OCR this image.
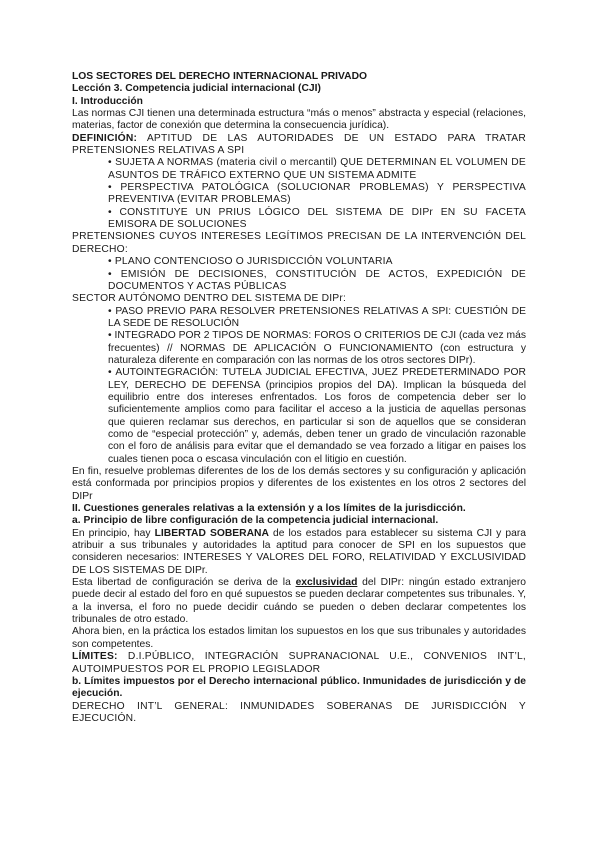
LOS SECTORES DEL DERECHO INTERNACIONAL PRIVADO

Lección 3. Competencia judicial internacional (CJI)

I. Introducción

Las normas CJI tienen una determinada estructura “más o menos” abstracta y especial (relaciones, materias, factor de conexión que determina la consecuencia jurídica).

DEFINICIÓN: APTITUD DE LAS AUTORIDADES DE UN ESTADO PARA TRATAR PRETENSIONES RELATIVAS A SPI

• SUJETA A NORMAS (materia civil o mercantil) QUE DETERMINAN EL VOLUMEN DE ASUNTOS DE TRÁFICO EXTERNO QUE UN SISTEMA ADMITE

• PERSPECTIVA PATOLÓGICA (SOLUCIONAR PROBLEMAS) Y PERSPECTIVA PREVENTIVA (EVITAR PROBLEMAS)

• CONSTITUYE UN PRIUS LÓGICO DEL SISTEMA DE DIPr EN SU FACETA EMISORA DE SOLUCIONES

PRETENSIONES CUYOS INTERESES LEGÍTIMOS PRECISAN DE LA INTERVENCIÓN DEL DERECHO:

• PLANO CONTENCIOSO O JURISDICCIÓN VOLUNTARIA

• EMISIÓN DE DECISIONES, CONSTITUCIÓN DE ACTOS, EXPEDICIÓN DE DOCUMENTOS Y ACTAS PÚBLICAS

SECTOR AUTÓNOMO DENTRO DEL SISTEMA DE DIPr:

• PASO PREVIO PARA RESOLVER PRETENSIONES RELATIVAS A SPI: CUESTIÓN DE LA SEDE DE RESOLUCIÓN

• INTEGRADO POR 2 TIPOS DE NORMAS: FOROS O CRITERIOS DE CJI (cada vez más frecuentes) // NORMAS DE APLICACIÓN O FUNCIONAMIENTO (con estructura y naturaleza diferente en comparación con las normas de los otros sectores DIPr).

• AUTOINTEGRACIÓN: TUTELA JUDICIAL EFECTIVA, JUEZ PREDETERMINADO POR LEY, DERECHO DE DEFENSA (principios propios del DA). Implican la búsqueda del equilibrio entre dos intereses enfrentados. Los foros de competencia deber ser lo suficientemente amplios como para facilitar el acceso a la justicia de aquellas personas que quieren reclamar sus derechos, en particular si son de aquellos que se consideran como de “especial protección” y, además, deben tener un grado de vinculación razonable con el foro de análisis para evitar que el demandado se vea forzado a litigar en paises los cuales tienen poca o escasa vinculación con el litigio en cuestión.

En fin, resuelve problemas diferentes de los de los demás sectores y su configuración y aplicación está conformada por principios propios y diferentes de los existentes en los otros 2 sectores del DIPr

II. Cuestiones generales relativas a la extensión y a los límites de la jurisdicción.

a. Principio de libre configuración de la competencia judicial internacional.

En principio, hay LIBERTAD SOBERANA de los estados para establecer su sistema CJI y para atribuir a sus tribunales y autoridades la aptitud para conocer de SPI en los supuestos que consideren necesarios: INTERESES Y VALORES DEL FORO, RELATIVIDAD Y EXCLUSIVIDAD DE LOS SISTEMAS DE DIPr.

Esta libertad de configuración se deriva de la exclusividad del DIPr: ningún estado extranjero puede decir al estado del foro en qué supuestos se pueden declarar competentes sus tribunales. Y, a la inversa, el foro no puede decidir cuándo se pueden o deben declarar competentes los tribunales de otro estado.

Ahora bien, en la práctica los estados limitan los supuestos en los que sus tribunales y autoridades son competentes.

LÍMITES: D.I.PÚBLICO, INTEGRACIÓN SUPRANACIONAL U.E., CONVENIOS INT’L, AUTOIMPUESTOS POR EL PROPIO LEGISLADOR

b. Límites impuestos por el Derecho internacional público. Inmunidades de jurisdicción y de ejecución.

DERECHO INT’L GENERAL: INMUNIDADES SOBERANAS DE JURISDICCIÓN Y EJECUCIÓN.
